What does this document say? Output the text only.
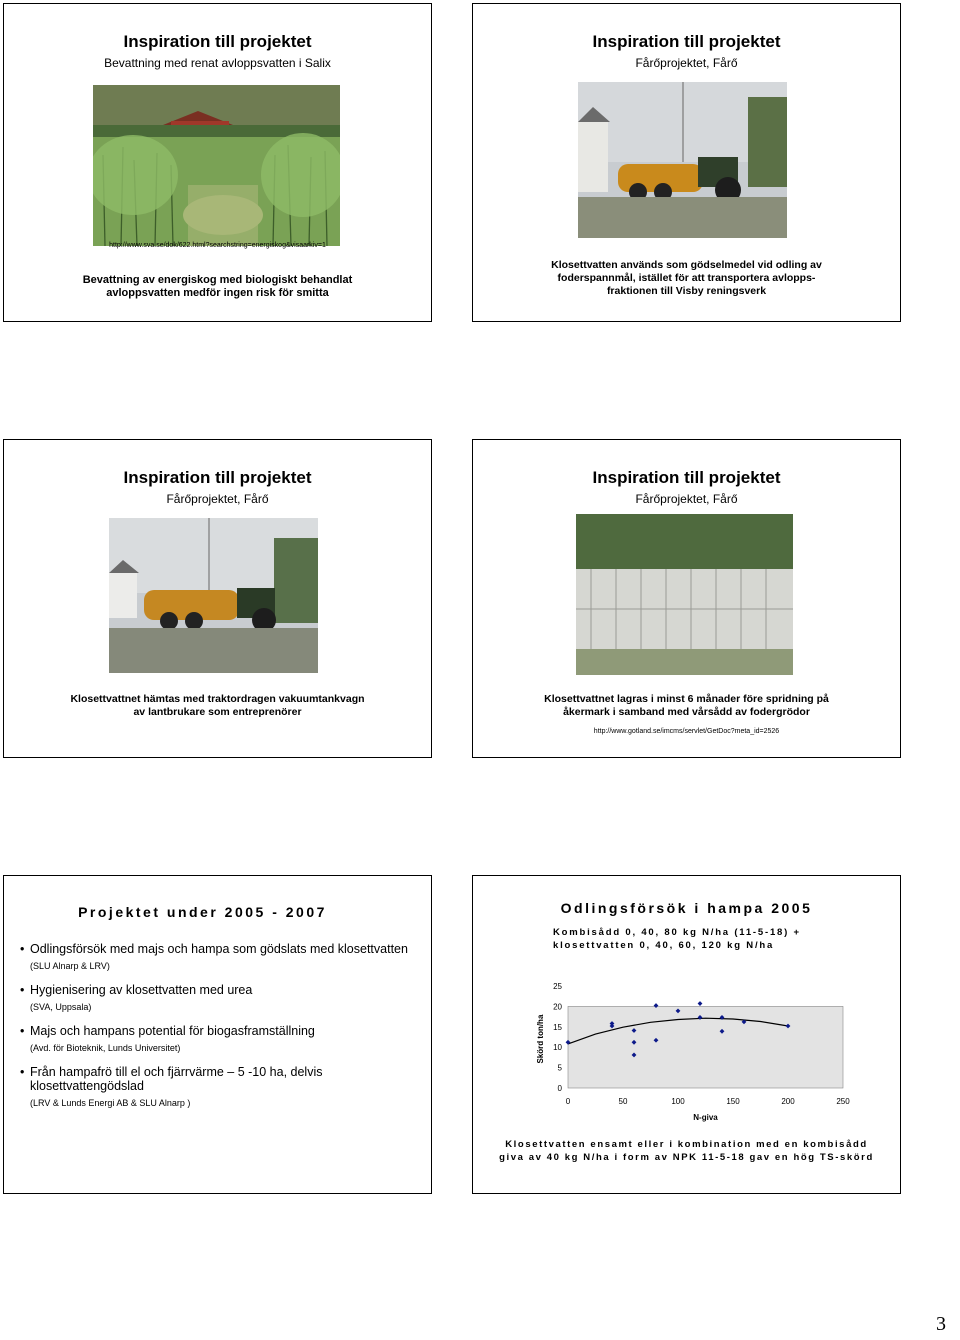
Inspiration till projektet
Bevattning med renat avloppsvatten i Salix
http://www.sva.se/dok/622.html?searchstring=energiskog&visaarkiv=1
Bevattning av energiskog med biologiskt behandlat avloppsvatten medför ingen risk för smitta
Inspiration till projektet
Fårőprojektet, Fårő
Klosettvatten används som gödselmedel vid odling av foderspannmål, istället för att transportera avlopps-fraktionen till Visby reningsverk
Inspiration till projektet
Fårőprojektet, Fårő
Klosettvattnet hämtas med traktordragen vakuumtankvagn av lantbrukare som entreprenörer
Inspiration till projektet
Fårőprojektet, Fårő
Klosettvattnet lagras i minst 6 månader före spridning på åkermark i samband med vårsådd av fodergrödor
http://www.gotland.se/imcms/servlet/GetDoc?meta_id=2526
Projektet under 2005 - 2007
• Odlingsförsök med majs och hampa som gödslats med klosettvatten
(SLU Alnarp & LRV)
• Hygienisering av klosettvatten med urea
(SVA, Uppsala)
• Majs och hampans potential för biogasframställning
(Avd. för Bioteknik, Lunds Universitet)
• Från hampafrö till el och fjärrvärme – 5 -10 ha, delvis klosettvattengödslad
(LRV & Lunds Energi AB & SLU Alnarp )
Odlingsförsök i hampa 2005
Kombisådd 0, 40, 80 kg N/ha (11-5-18) + klosettvatten 0, 40, 60, 120 kg N/ha
0
5
10
15
20
25
0	50	100	150	200	250
N-giva
Skörd ton/ha
Klosettvatten ensamt eller i kombination med en kombisådd giva av 40 kg N/ha i form av NPK 11-5-18 gav en hög TS-skörd
3
